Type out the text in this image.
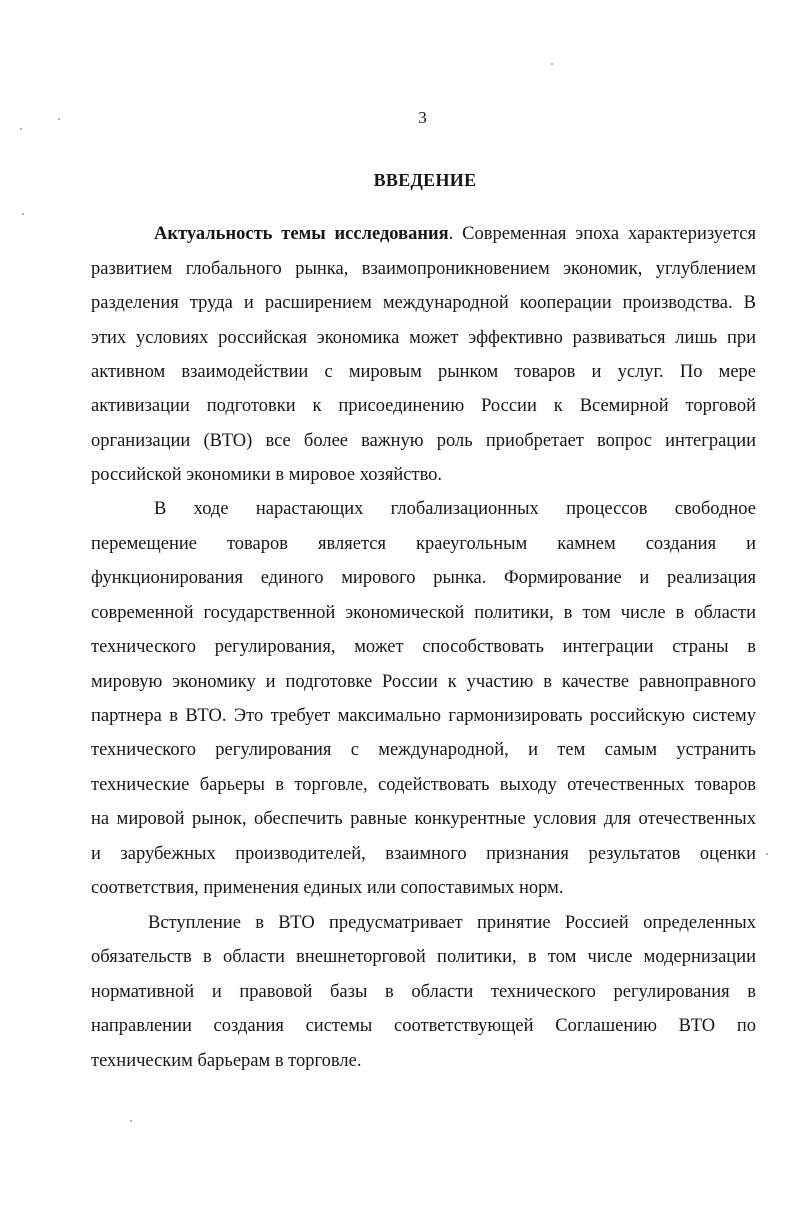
3
ВВЕДЕНИЕ
Актуальность темы исследования. Современная эпоха характеризуется
развитием глобального рынка, взаимопроникновением экономик, углублением
разделения труда и расширением международной кооперации производства. В
этих условиях российская экономика может эффективно развиваться лишь при
активном взаимодействии с мировым рынком товаров и услуг. По мере
активизации подготовки к присоединению России к Всемирной торговой
организации (ВТО) все более важную роль приобретает вопрос интеграции
российской экономики в мировое хозяйство.
В ходе нарастающих глобализационных процессов свободное
перемещение товаров является краеугольным камнем создания и
функционирования единого мирового рынка. Формирование и реализация
современной государственной экономической политики, в том числе в области
технического регулирования, может способствовать интеграции страны в
мировую экономику и подготовке России к участию в качестве равноправного
партнера в ВТО. Это требует максимально гармонизировать российскую систему
технического регулирования с международной, и тем самым устранить
технические барьеры в торговле, содействовать выходу отечественных товаров
на мировой рынок, обеспечить равные конкурентные условия для отечественных
и зарубежных производителей, взаимного признания результатов оценки
соответствия, применения единых или сопоставимых норм.
Вступление в ВТО предусматривает принятие Россией определенных
обязательств в области внешнеторговой политики, в том числе модернизации
нормативной и правовой базы в области технического регулирования в
направлении создания системы соответствующей Соглашению ВТО по
техническим барьерам в торговле.
